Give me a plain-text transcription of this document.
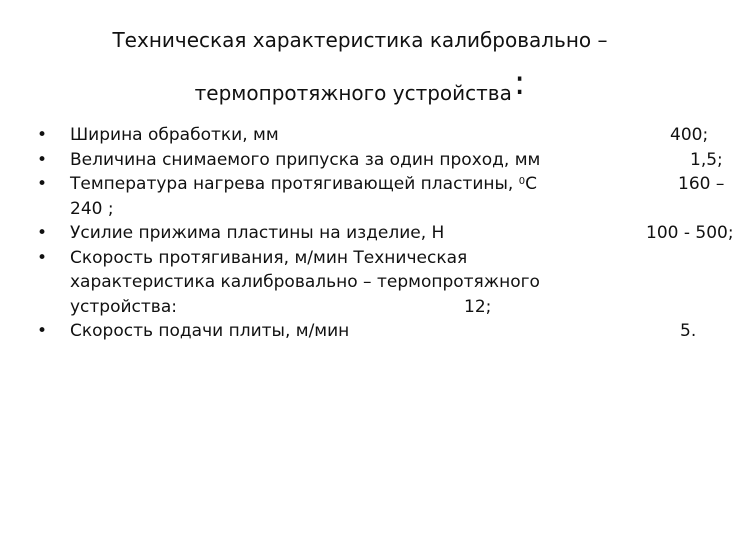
Техническая характеристика калибровально –
термопротяжного устройства:
• Ширина обработки, мм	400;
• Величина снимаемого припуска за один проход, мм	1,5;
• Температура нагрева протягивающей пластины, $^0$С	160 –
240 ;
• Усилие прижима пластины на изделие, Н	100 - 500;
• Скорость протягивания, м/мин Техническая
характеристика калибровально – термопротяжного
устройства:	12;
• Скорость подачи плиты, м/мин	5.
